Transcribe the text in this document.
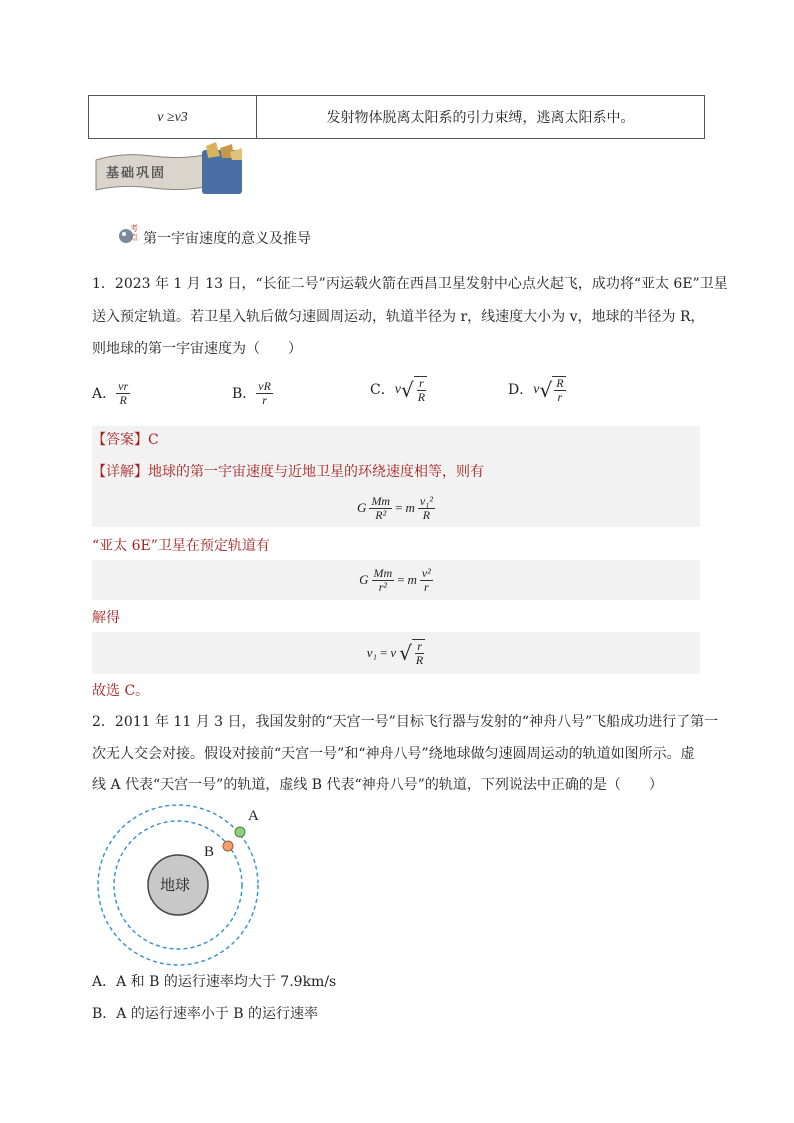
v ≥v3	发射物体脱离太阳系的引力束缚，逃离太阳系中。
基础巩固
考点 第一宇宙速度的意义及推导
1．2023 年 1 月 13 日，“长征二号”丙运载火箭在西昌卫星发射中心点火起飞，成功将“亚太 6E”卫星
送入预定轨道。若卫星入轨后做匀速圆周运动，轨道半径为 r，线速度大小为 v，地球的半径为 R，
则地球的第一宇宙速度为（　　）
A． $\frac{vr}{R}$	B． $\frac{vR}{r}$	C． v √ $\frac{r}{R}$	D． v √ $\frac{R}{r}$
【答案】C
【详解】地球的第一宇宙速度与近地卫星的环绕速度相等，则有
G $\frac{Mm}{\text{R²}} = m \frac{\text{v₁²}}{R}$
“亚太 6E”卫星在预定轨道有
G $\frac{Mm}{\text{r²}} = m \frac{\text{v²}}{r}$
解得
v₁ = v √ $\frac{r}{R}$
故选 C。
2．2011 年 11 月 3 日，我国发射的“天宫一号”目标飞行器与发射的“神舟八号”飞船成功进行了第一
次无人交会对接。假设对接前“天宫一号”和“神舟八号”绕地球做匀速圆周运动的轨道如图所示。虚
线 A 代表“天宫一号”的轨道，虚线 B 代表“神舟八号”的轨道，下列说法中正确的是（　　）
地球
A
B
A．A 和 B 的运行速率均大于 7.9km/s
B．A 的运行速率小于 B 的运行速率
